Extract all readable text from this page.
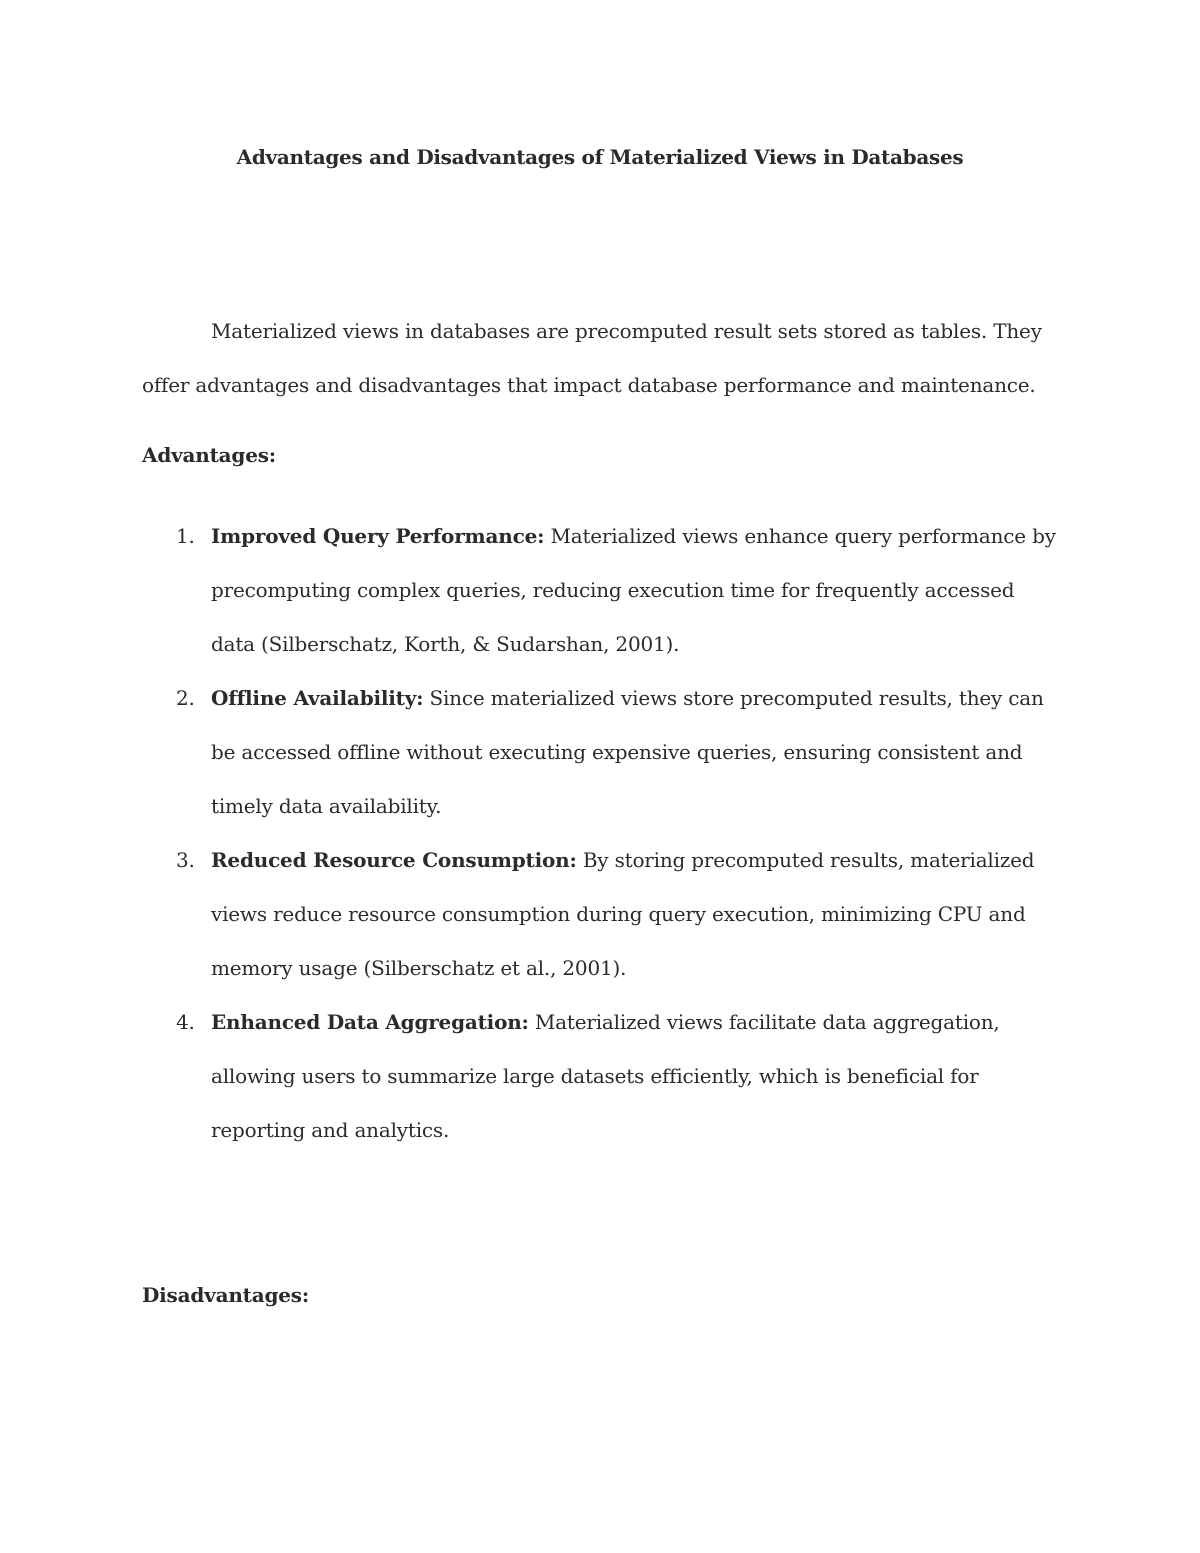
Advantages and Disadvantages of Materialized Views in Databases

Materialized views in databases are precomputed result sets stored as tables. They offer advantages and disadvantages that impact database performance and maintenance.

Advantages:

1. Improved Query Performance: Materialized views enhance query performance by precomputing complex queries, reducing execution time for frequently accessed data (Silberschatz, Korth, & Sudarshan, 2001).
2. Offline Availability: Since materialized views store precomputed results, they can be accessed offline without executing expensive queries, ensuring consistent and timely data availability.
3. Reduced Resource Consumption: By storing precomputed results, materialized views reduce resource consumption during query execution, minimizing CPU and memory usage (Silberschatz et al., 2001).
4. Enhanced Data Aggregation: Materialized views facilitate data aggregation, allowing users to summarize large datasets efficiently, which is beneficial for reporting and analytics.

Disadvantages:
